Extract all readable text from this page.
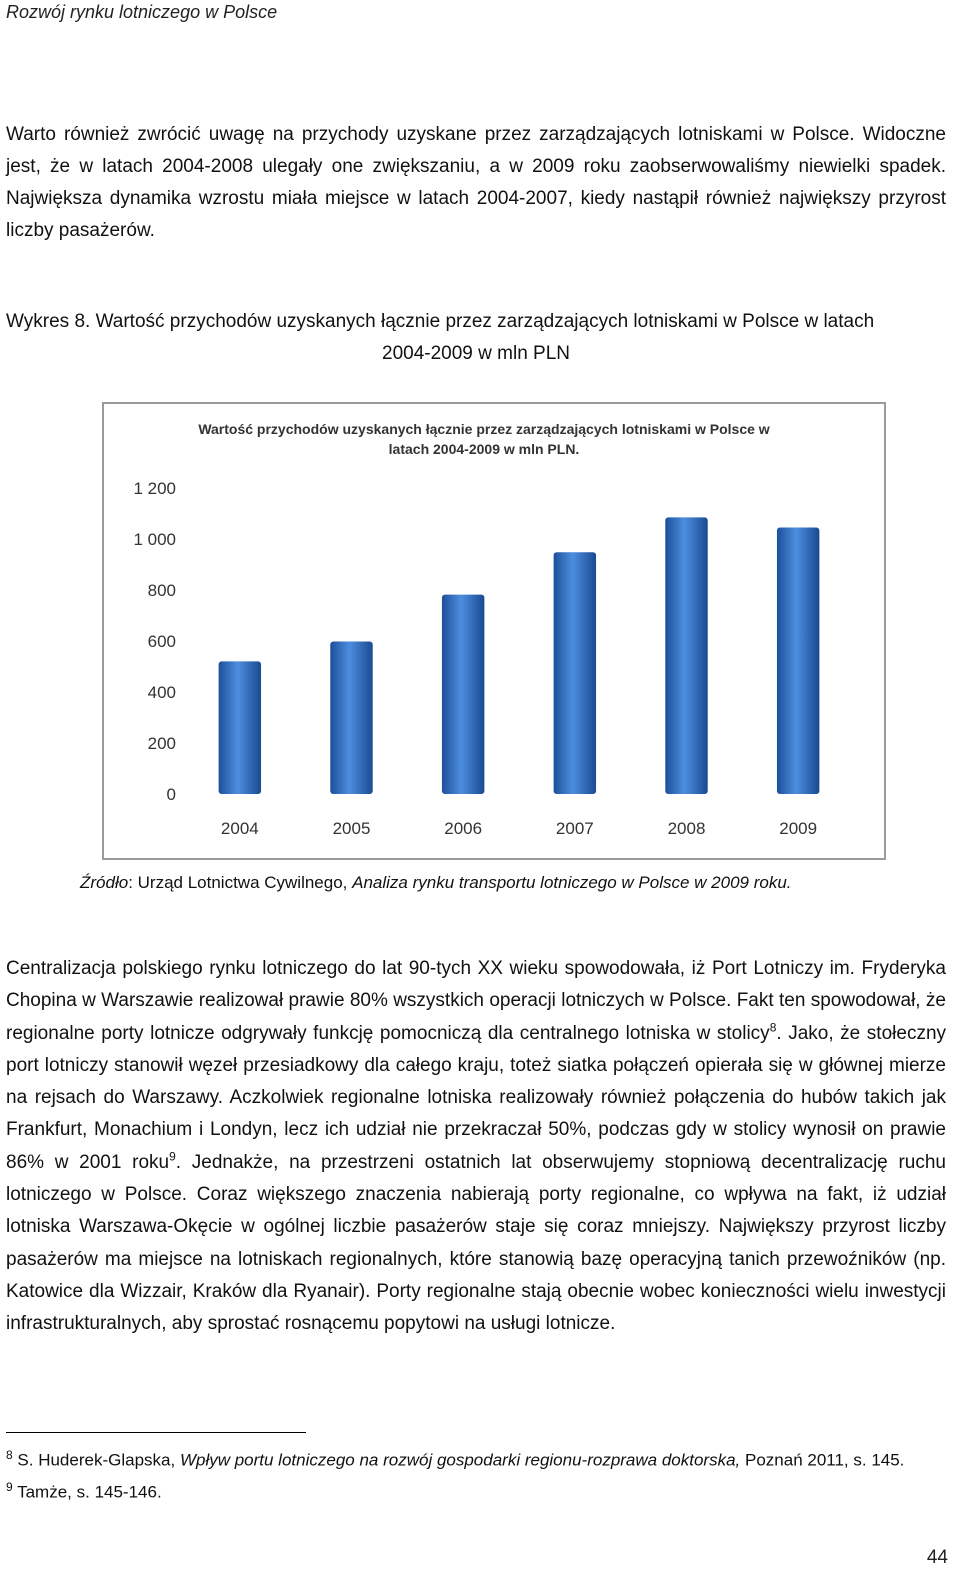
Rozwój rynku lotniczego w Polsce

Warto również zwrócić uwagę na przychody uzyskane przez zarządzających lotniskami w Polsce. Widoczne jest, że w latach 2004-2008 ulegały one zwiększaniu, a w 2009 roku zaobserwowaliśmy niewielki spadek. Największa dynamika wzrostu miała miejsce w latach 2004-2007, kiedy nastąpił również największy przyrost liczby pasażerów.

Wykres 8. Wartość przychodów uzyskanych łącznie przez zarządzających lotniskami w Polsce w latach
2004-2009 w mln PLN
Wartość przychodów uzyskanych łącznie przez zarządzających lotniskami w Polsce w
latach 2004-2009 w mln PLN.
0
200
400
600
800
1 000
1 200
2004	2005	2006	2007	2008	2009
Źródło: Urząd Lotnictwa Cywilnego, Analiza rynku transportu lotniczego w Polsce w 2009 roku.
Centralizacja polskiego rynku lotniczego do lat 90-tych XX wieku spowodowała, iż Port Lotniczy im. Fryderyka Chopina w Warszawie realizował prawie 80% wszystkich operacji lotniczych w Polsce. Fakt ten spowodował, że regionalne porty lotnicze odgrywały funkcję pomocniczą dla centralnego lotniska w stolicy$^8$. Jako, że stołeczny port lotniczy stanowił węzeł przesiadkowy dla całego kraju, toteż siatka połączeń opierała się w głównej mierze na rejsach do Warszawy. Aczkolwiek regionalne lotniska realizowały również połączenia do hubów takich jak Frankfurt, Monachium i Londyn, lecz ich udział nie przekraczał 50%, podczas gdy w stolicy wynosił on prawie 86% w 2001 roku$^9$. Jednakże, na przestrzeni ostatnich lat obserwujemy stopniową decentralizację ruchu lotniczego w Polsce. Coraz większego znaczenia nabierają porty regionalne, co wpływa na fakt, iż udział lotniska Warszawa-Okęcie w ogólnej liczbie pasażerów staje się coraz mniejszy. Największy przyrost liczby pasażerów ma miejsce na lotniskach regionalnych, które stanowią bazę operacyjną tanich przewoźników (np. Katowice dla Wizzair, Kraków dla Ryanair). Porty regionalne stają obecnie wobec konieczności wielu inwestycji infrastrukturalnych, aby sprostać rosnącemu popytowi na usługi lotnicze.

$^8$ S. Huderek-Glapska, Wpływ portu lotniczego na rozwój gospodarki regionu-rozprawa doktorska, Poznań 2011, s. 145.

$^9$ Tamże, s. 145-146.

44
